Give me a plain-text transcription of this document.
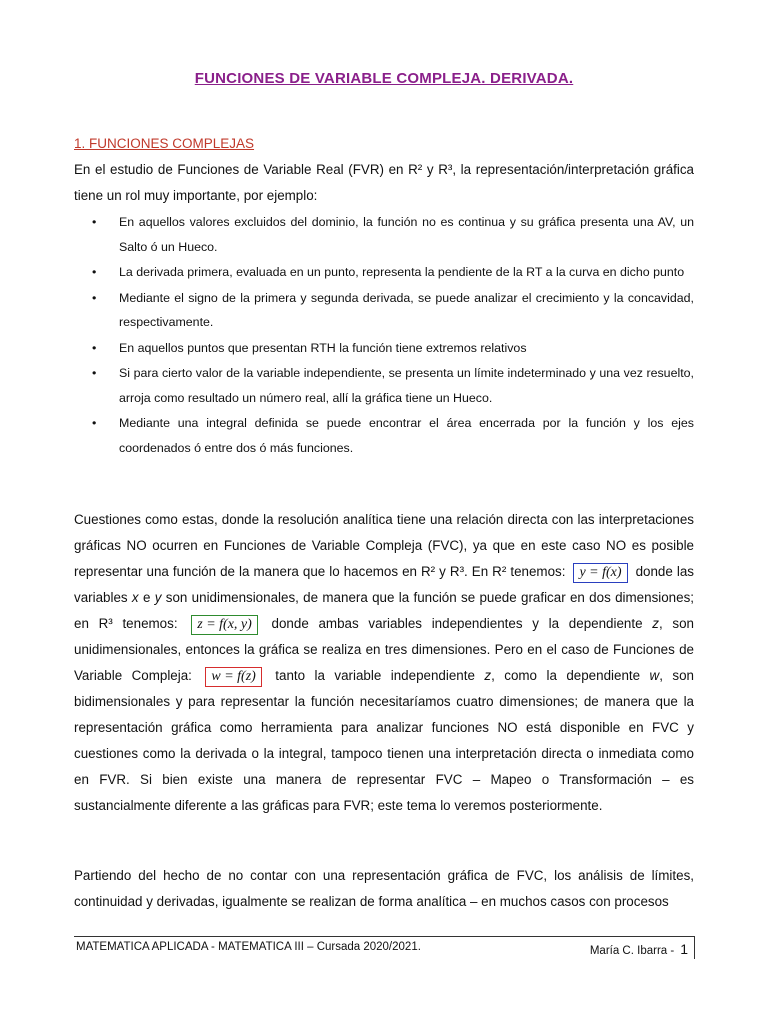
FUNCIONES DE VARIABLE COMPLEJA. DERIVADA.
1. FUNCIONES COMPLEJAS
En el estudio de Funciones de Variable Real (FVR) en R² y R³, la representación/interpretación gráfica tiene un rol muy importante, por ejemplo:
• En aquellos valores excluidos del dominio, la función no es continua y su gráfica presenta una AV, un Salto ó un Hueco.
• La derivada primera, evaluada en un punto, representa la pendiente de la RT a la curva en dicho punto
• Mediante el signo de la primera y segunda derivada, se puede analizar el crecimiento y la concavidad, respectivamente.
• En aquellos puntos que presentan RTH la función tiene extremos relativos
• Si para cierto valor de la variable independiente, se presenta un límite indeterminado y una vez resuelto, arroja como resultado un número real, allí la gráfica tiene un Hueco.
• Mediante una integral definida se puede encontrar el área encerrada por la función y los ejes coordenados ó entre dos ó más funciones.
Cuestiones como estas, donde la resolución analítica tiene una relación directa con las interpretaciones gráficas NO ocurren en Funciones de Variable Compleja (FVC), ya que en este caso NO es posible representar una función de la manera que lo hacemos en R² y R³. En R² tenemos: y = f(x) donde las variables x e y son unidimensionales, de manera que la función se puede graficar en dos dimensiones; en R³ tenemos: z = f(x, y) donde ambas variables independientes y la dependiente z, son unidimensionales, entonces la gráfica se realiza en tres dimensiones. Pero en el caso de Funciones de Variable Compleja: w = f(z) tanto la variable independiente z, como la dependiente w, son bidimensionales y para representar la función necesitaríamos cuatro dimensiones; de manera que la representación gráfica como herramienta para analizar funciones NO está disponible en FVC y cuestiones como la derivada o la integral, tampoco tienen una interpretación directa o inmediata como en FVR. Si bien existe una manera de representar FVC – Mapeo o Transformación – es sustancialmente diferente a las gráficas para FVR; este tema lo veremos posteriormente.
Partiendo del hecho de no contar con una representación gráfica de FVC, los análisis de límites, continuidad y derivadas, igualmente se realizan de forma analítica – en muchos casos con procesos
MATEMATICA APLICADA - MATEMATICA III – Cursada 2020/2021.	María C. Ibarra - 1
